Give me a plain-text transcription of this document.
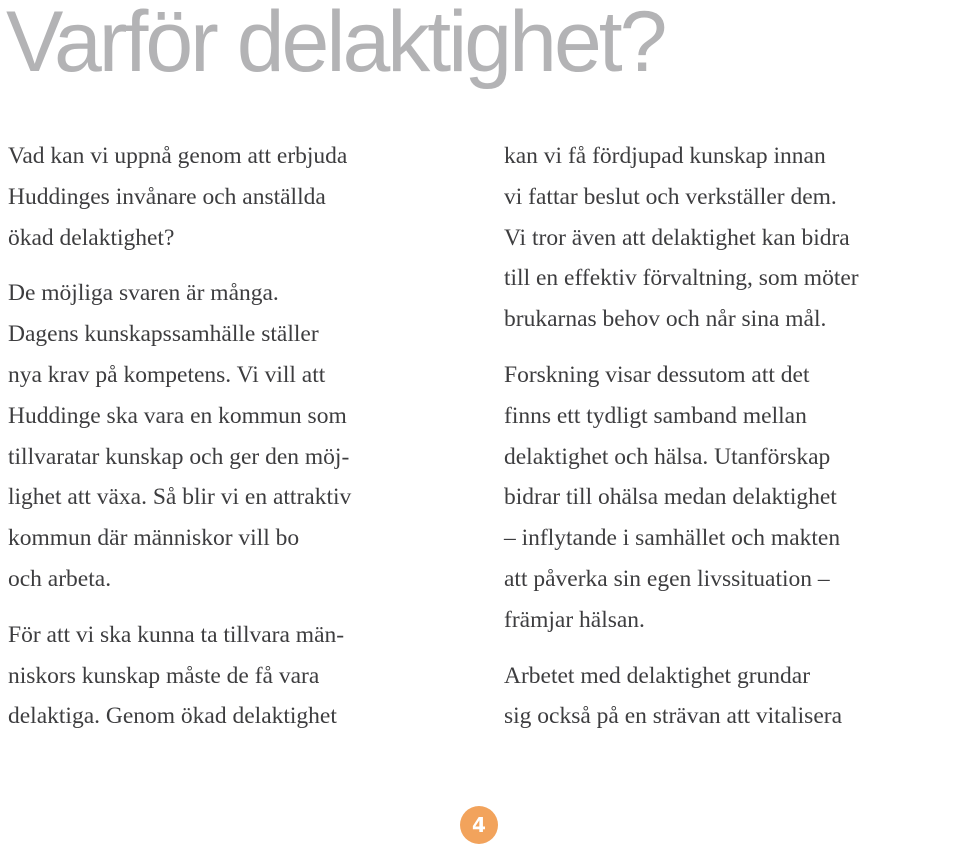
Varför delaktighet?

Vad kan vi uppnå genom att erbjuda
Huddinges invånare och anställda
ökad delaktighet?

De möjliga svaren är många.
Dagens kunskapssamhälle ställer
nya krav på kompetens. Vi vill att
Huddinge ska vara en kommun som
tillvaratar kunskap och ger den möj-
lighet att växa. Så blir vi en attraktiv
kommun där människor vill bo
och arbeta.

För att vi ska kunna ta tillvara män-
niskors kunskap måste de få vara
delaktiga. Genom ökad delaktighet

kan vi få fördjupad kunskap innan
vi fattar beslut och verkställer dem.
Vi tror även att delaktighet kan bidra
till en effektiv förvaltning, som möter
brukarnas behov och når sina mål.

Forskning visar dessutom att det
finns ett tydligt samband mellan
delaktighet och hälsa. Utanförskap
bidrar till ohälsa medan delaktighet
– inflytande i samhället och makten
att påverka sin egen livssituation –
främjar hälsan.

Arbetet med delaktighet grundar
sig också på en strävan att vitalisera

4
